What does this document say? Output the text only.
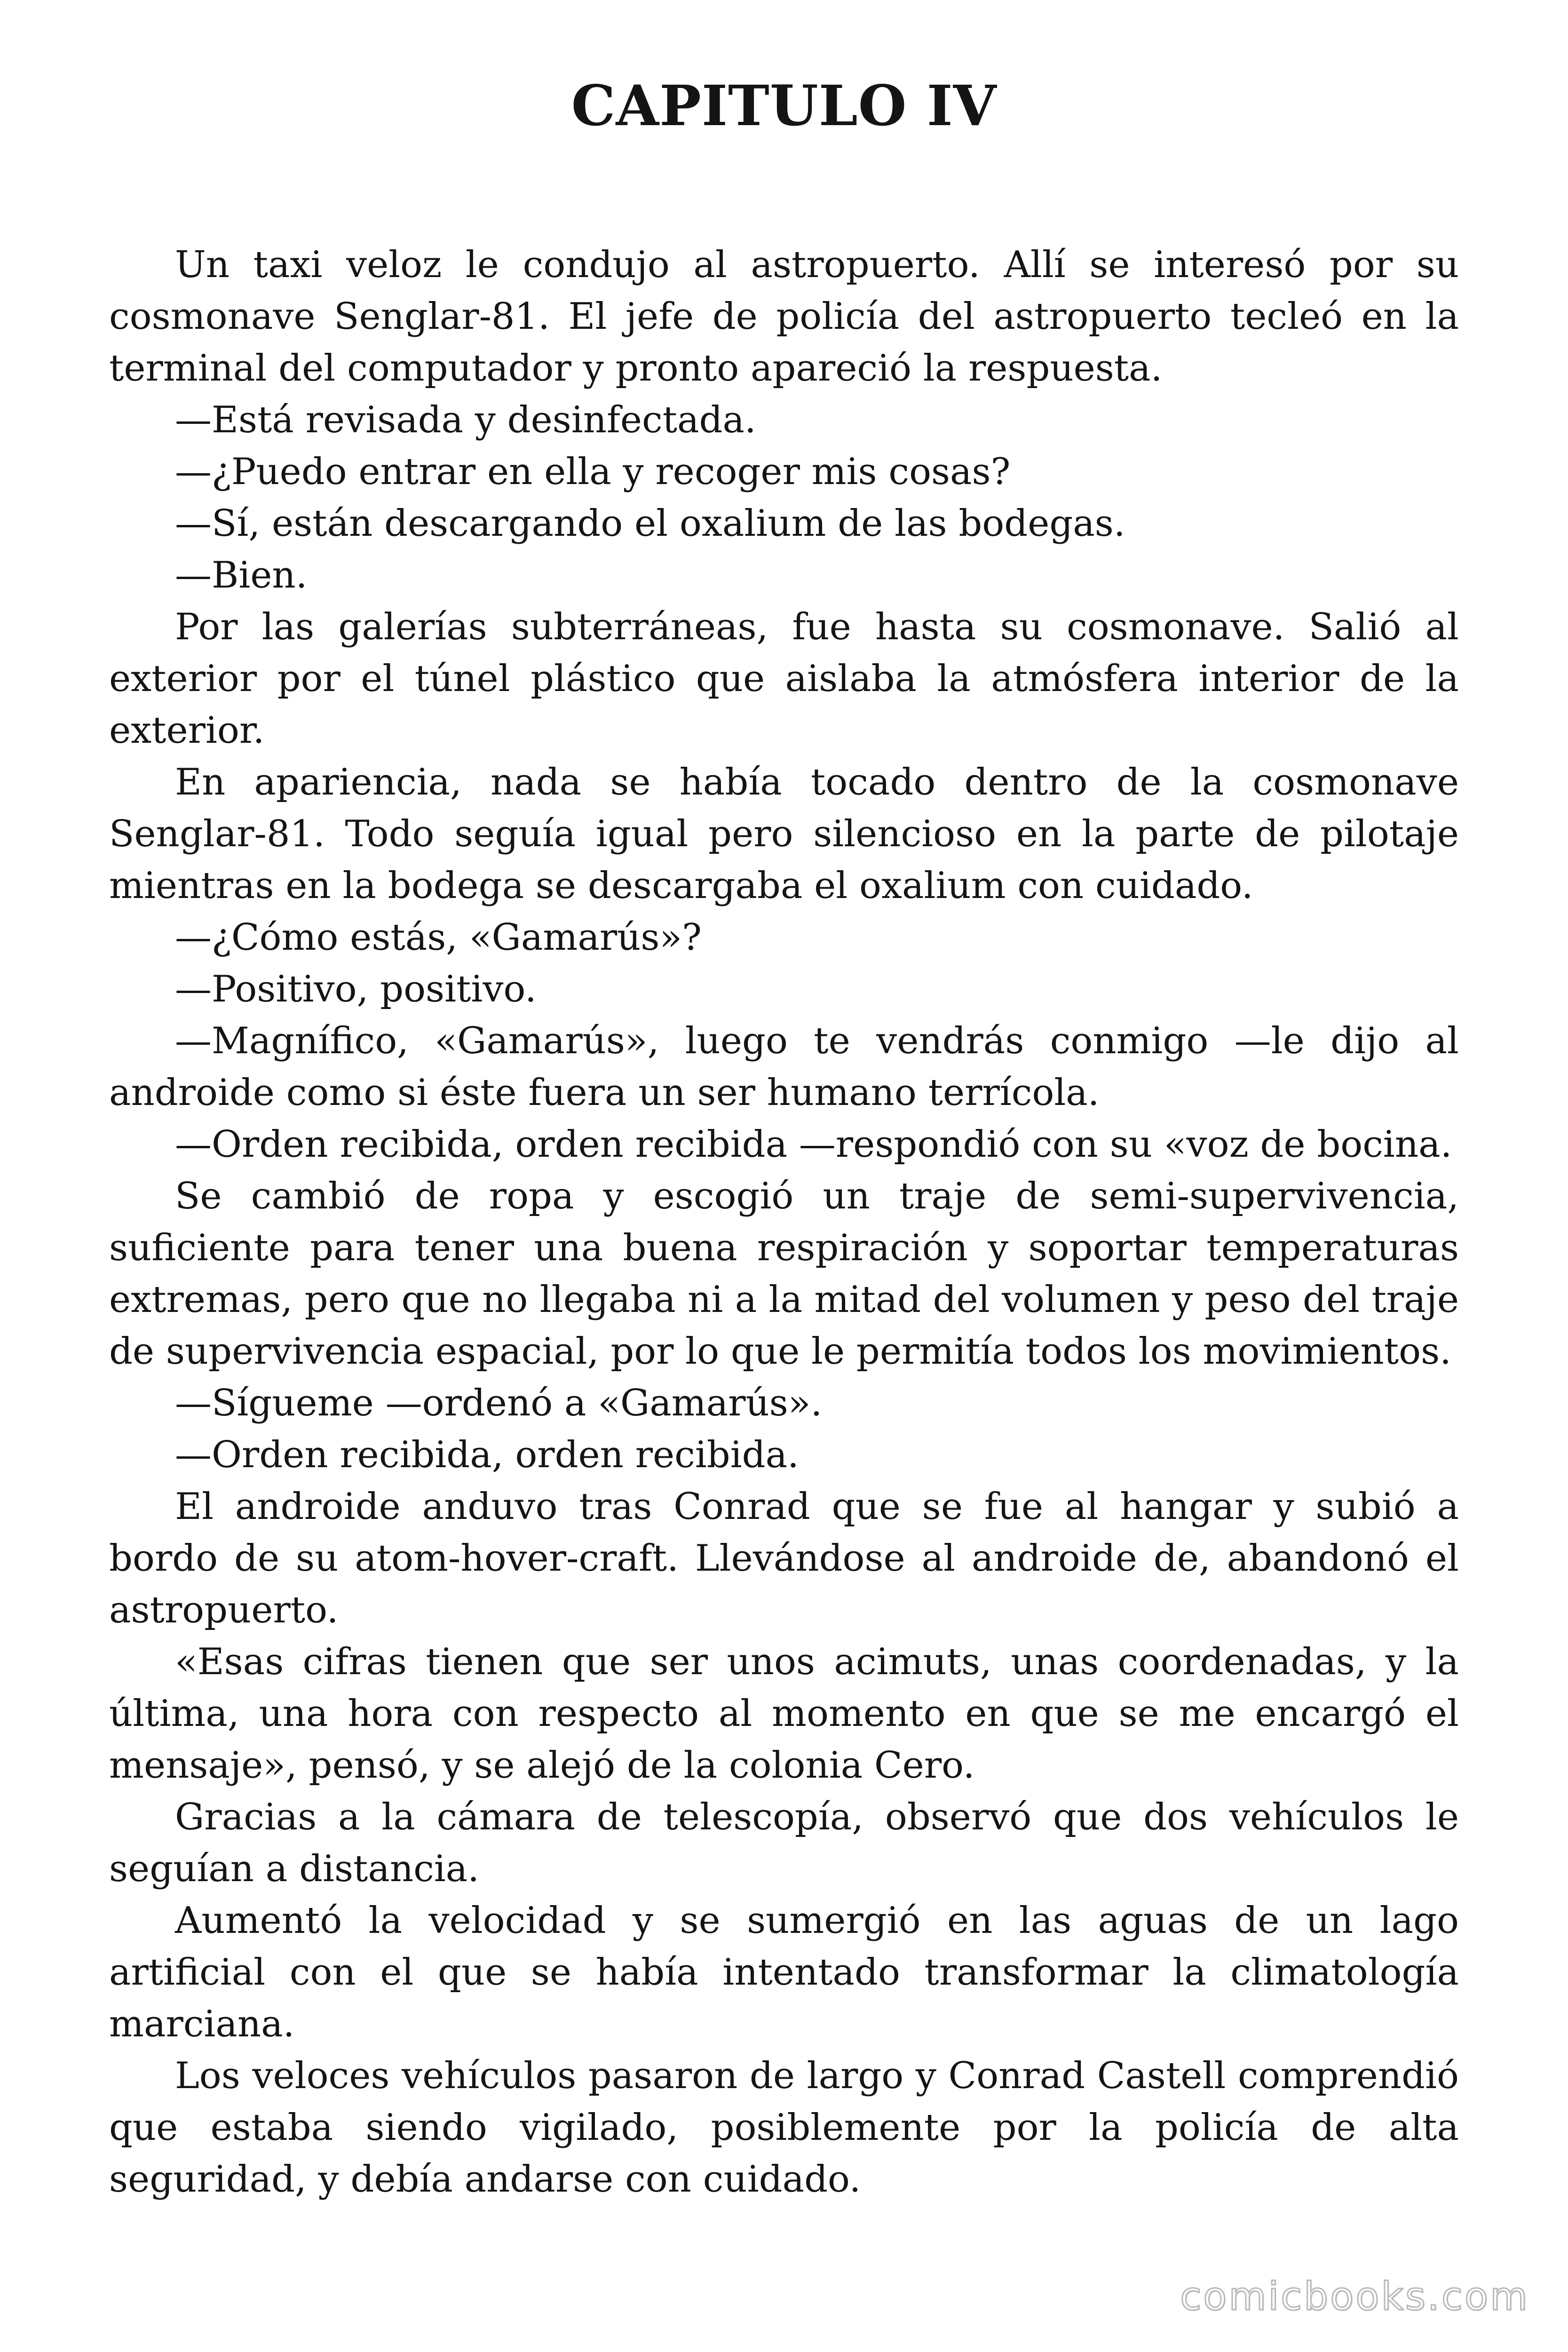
CAPITULO IV

Un taxi veloz le condujo al astropuerto. Allí se interesó por su cosmonave Senglar-81. El jefe de policía del astropuerto tecleó en la terminal del computador y pronto apareció la respuesta.

—Está revisada y desinfectada.

—¿Puedo entrar en ella y recoger mis cosas?

—Sí, están descargando el oxalium de las bodegas.

—Bien.

Por las galerías subterráneas, fue hasta su cosmonave. Salió al exterior por el túnel plástico que aislaba la atmósfera interior de la exterior.

En apariencia, nada se había tocado dentro de la cosmonave Senglar-81. Todo seguía igual pero silencioso en la parte de pilotaje mientras en la bodega se descargaba el oxalium con cuidado.

—¿Cómo estás, «Gamarús»?

—Positivo, positivo.

—Magnífico, «Gamarús», luego te vendrás conmigo —le dijo al androide como si éste fuera un ser humano terrícola.

—Orden recibida, orden recibida —respondió con su «voz de bocina.

Se cambió de ropa y escogió un traje de semi-supervivencia, suficiente para tener una buena respiración y soportar temperaturas extremas, pero que no llegaba ni a la mitad del volumen y peso del traje de supervivencia espacial, por lo que le permitía todos los movimientos.

—Sígueme —ordenó a «Gamarús».

—Orden recibida, orden recibida.

El androide anduvo tras Conrad que se fue al hangar y subió a bordo de su atom-hover-craft. Llevándose al androide de, abandonó el astropuerto.

«Esas cifras tienen que ser unos acimuts, unas coordenadas, y la última, una hora con respecto al momento en que se me encargó el mensaje», pensó, y se alejó de la colonia Cero.

Gracias a la cámara de telescopía, observó que dos vehículos le seguían a distancia.

Aumentó la velocidad y se sumergió en las aguas de un lago artificial con el que se había intentado transformar la climatología marciana.

Los veloces vehículos pasaron de largo y Conrad Castell comprendió que estaba siendo vigilado, posiblemente por la policía de alta seguridad, y debía andarse con cuidado.

comicbooks.com
